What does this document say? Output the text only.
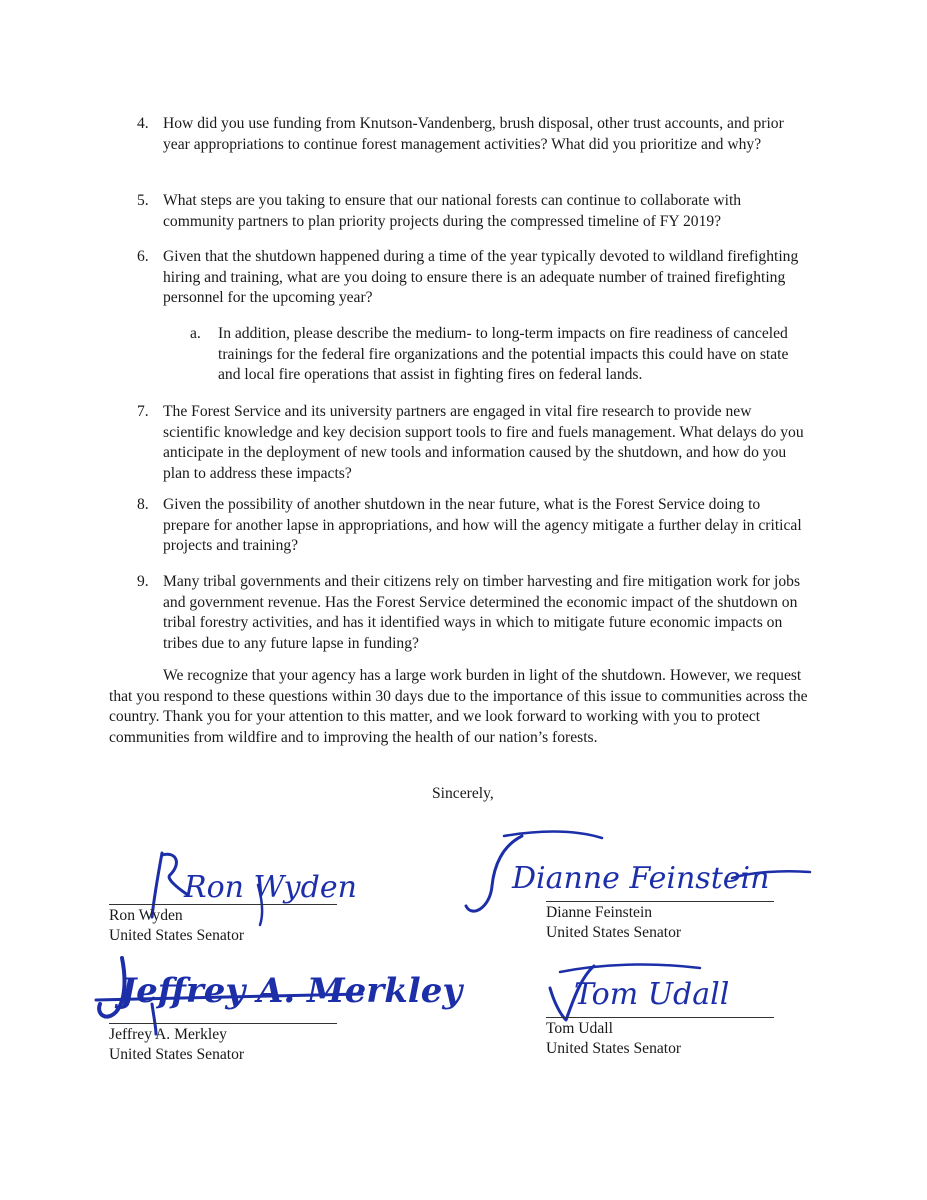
4. How did you use funding from Knutson-Vandenberg, brush disposal, other trust accounts, and prior year appropriations to continue forest management activities? What did you prioritize and why?
5. What steps are you taking to ensure that our national forests can continue to collaborate with community partners to plan priority projects during the compressed timeline of FY 2019?
6. Given that the shutdown happened during a time of the year typically devoted to wildland firefighting hiring and training, what are you doing to ensure there is an adequate number of trained firefighting personnel for the upcoming year?
a.	In addition, please describe the medium- to long-term impacts on fire readiness of canceled trainings for the federal fire organizations and the potential impacts this could have on state and local fire operations that assist in fighting fires on federal lands.
7. The Forest Service and its university partners are engaged in vital fire research to provide new scientific knowledge and key decision support tools to fire and fuels management. What delays do you anticipate in the deployment of new tools and information caused by the shutdown, and how do you plan to address these impacts?
8. Given the possibility of another shutdown in the near future, what is the Forest Service doing to prepare for another lapse in appropriations, and how will the agency mitigate a further delay in critical projects and training?
9. Many tribal governments and their citizens rely on timber harvesting and fire mitigation work for jobs and government revenue. Has the Forest Service determined the economic impact of the shutdown on tribal forestry activities, and has it identified ways in which to mitigate future economic impacts on tribes due to any future lapse in funding?
We recognize that your agency has a large work burden in light of the shutdown. However, we request that you respond to these questions within 30 days due to the importance of this issue to communities across the country. Thank you for your attention to this matter, and we look forward to working with you to protect communities from wildfire and to improving the health of our nation’s forests.
Sincerely,
Ron Wyden
Ron Wyden
United States Senator
Dianne Feinstein
Dianne Feinstein
United States Senator
Jeffrey A. Merkley
Jeffrey A. Merkley
United States Senator
Tom Udall
Tom Udall
United States Senator
